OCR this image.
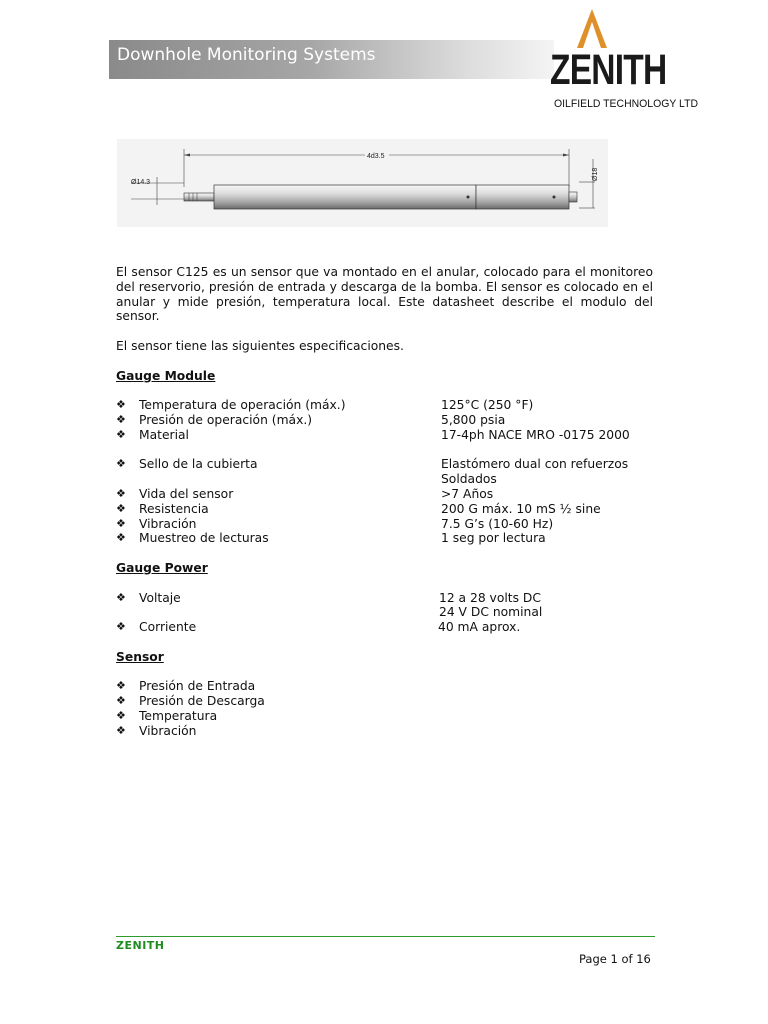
Downhole Monitoring Systems	ZENITH
OILFIELD TECHNOLOGY LTD
4d3.5
Ø14.3
Ø18

El sensor C125 es un sensor que va montado en el anular, colocado para el monitoreo del reservorio, presión de entrada y descarga de la bomba. El sensor es colocado en el anular y mide presión, temperatura local. Este datasheet describe el modulo del sensor.

El sensor tiene las siguientes especificaciones.

Gauge Module
❖ Temperatura de operación (máx.)	125°C (250 °F)
❖ Presión de operación (máx.)	5,800 psia
❖ Material	17-4ph NACE MRO -0175 2000
❖ Sello de la cubierta	Elastómero dual con refuerzos
Soldados
❖ Vida del sensor	>7 Años
❖ Resistencia	200 G máx. 10 mS ½ sine
❖ Vibración	7.5 G’s (10-60 Hz)
❖ Muestreo de lecturas	1 seg por lectura
Gauge Power
❖ Voltaje	12 a 28 volts DC
24 V DC nominal
❖ Corriente	40 mA aprox.
Sensor
❖ Presión de Entrada
❖ Presión de Descarga
❖ Temperatura
❖ Vibración
ZENITH
Page 1 of 16
